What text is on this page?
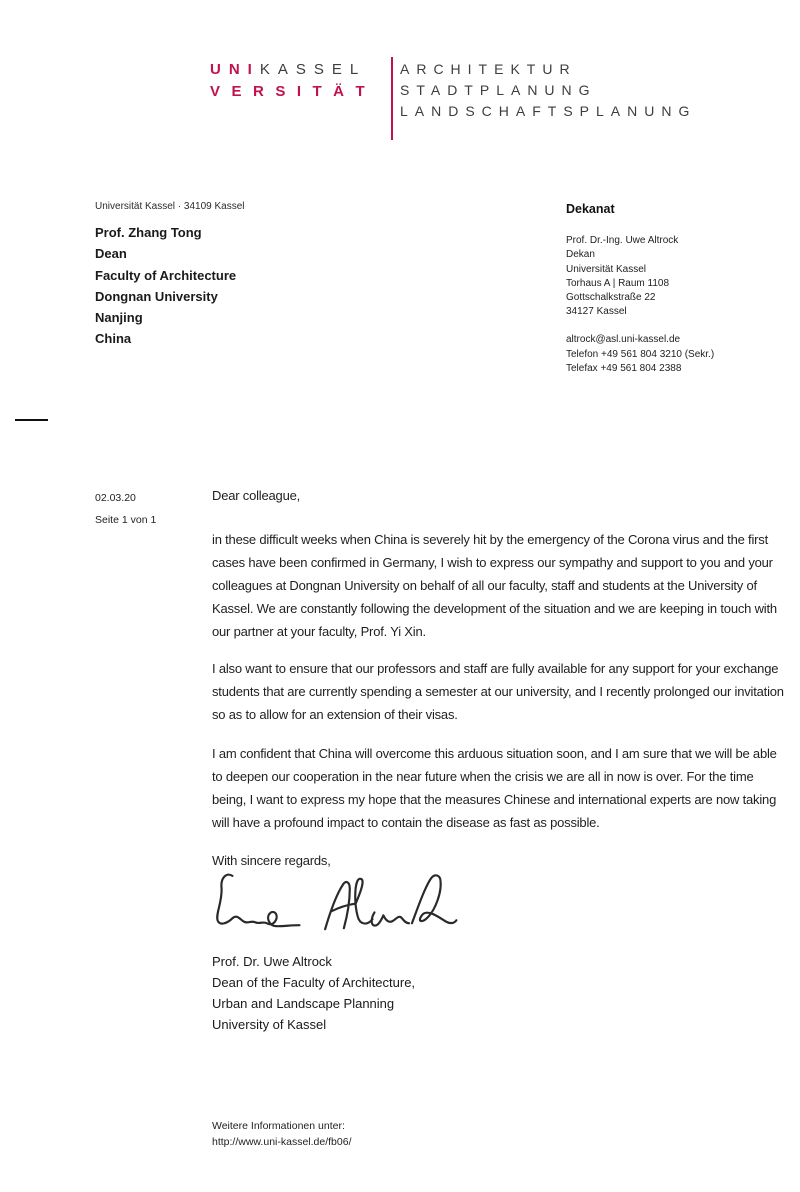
UNIKASSEL
VERSITÄT
ARCHITEKTUR
STADTPLANUNG
LANDSCHAFTSPLANUNG
Universität Kassel · 34109 Kassel
Prof. Zhang Tong
Dean
Faculty of Architecture
Dongnan University
Nanjing
China
Dekanat
Prof. Dr.-Ing. Uwe Altrock
Dekan
Universität Kassel
Torhaus A | Raum 1108
Gottschalkstraße 22
34127 Kassel
altrock@asl.uni-kassel.de
Telefon +49 561 804 3210 (Sekr.)
Telefax +49 561 804 2388
02.03.20
Seite 1 von 1
Dear colleague,
in these difficult weeks when China is severely hit by the emergency of the Corona virus and the first cases have been confirmed in Germany, I wish to express our sympathy and support to you and your colleagues at Dongnan University on behalf of all our faculty, staff and students at the University of Kassel. We are constantly following the development of the situation and we are keeping in touch with our partner at your faculty, Prof. Yi Xin.
I also want to ensure that our professors and staff are fully available for any support for your exchange students that are currently spending a semester at our university, and I recently prolonged our invitation so as to allow for an extension of their visas.
I am confident that China will overcome this arduous situation soon, and I am sure that we will be able to deepen our cooperation in the near future when the crisis we are all in now is over. For the time being, I want to express my hope that the measures Chinese and international experts are now taking will have a profound impact to contain the disease as fast as possible.
With sincere regards,
Prof. Dr. Uwe Altrock
Dean of the Faculty of Architecture,
Urban and Landscape Planning
University of Kassel
Weitere Informationen unter:
http://www.uni-kassel.de/fb06/
